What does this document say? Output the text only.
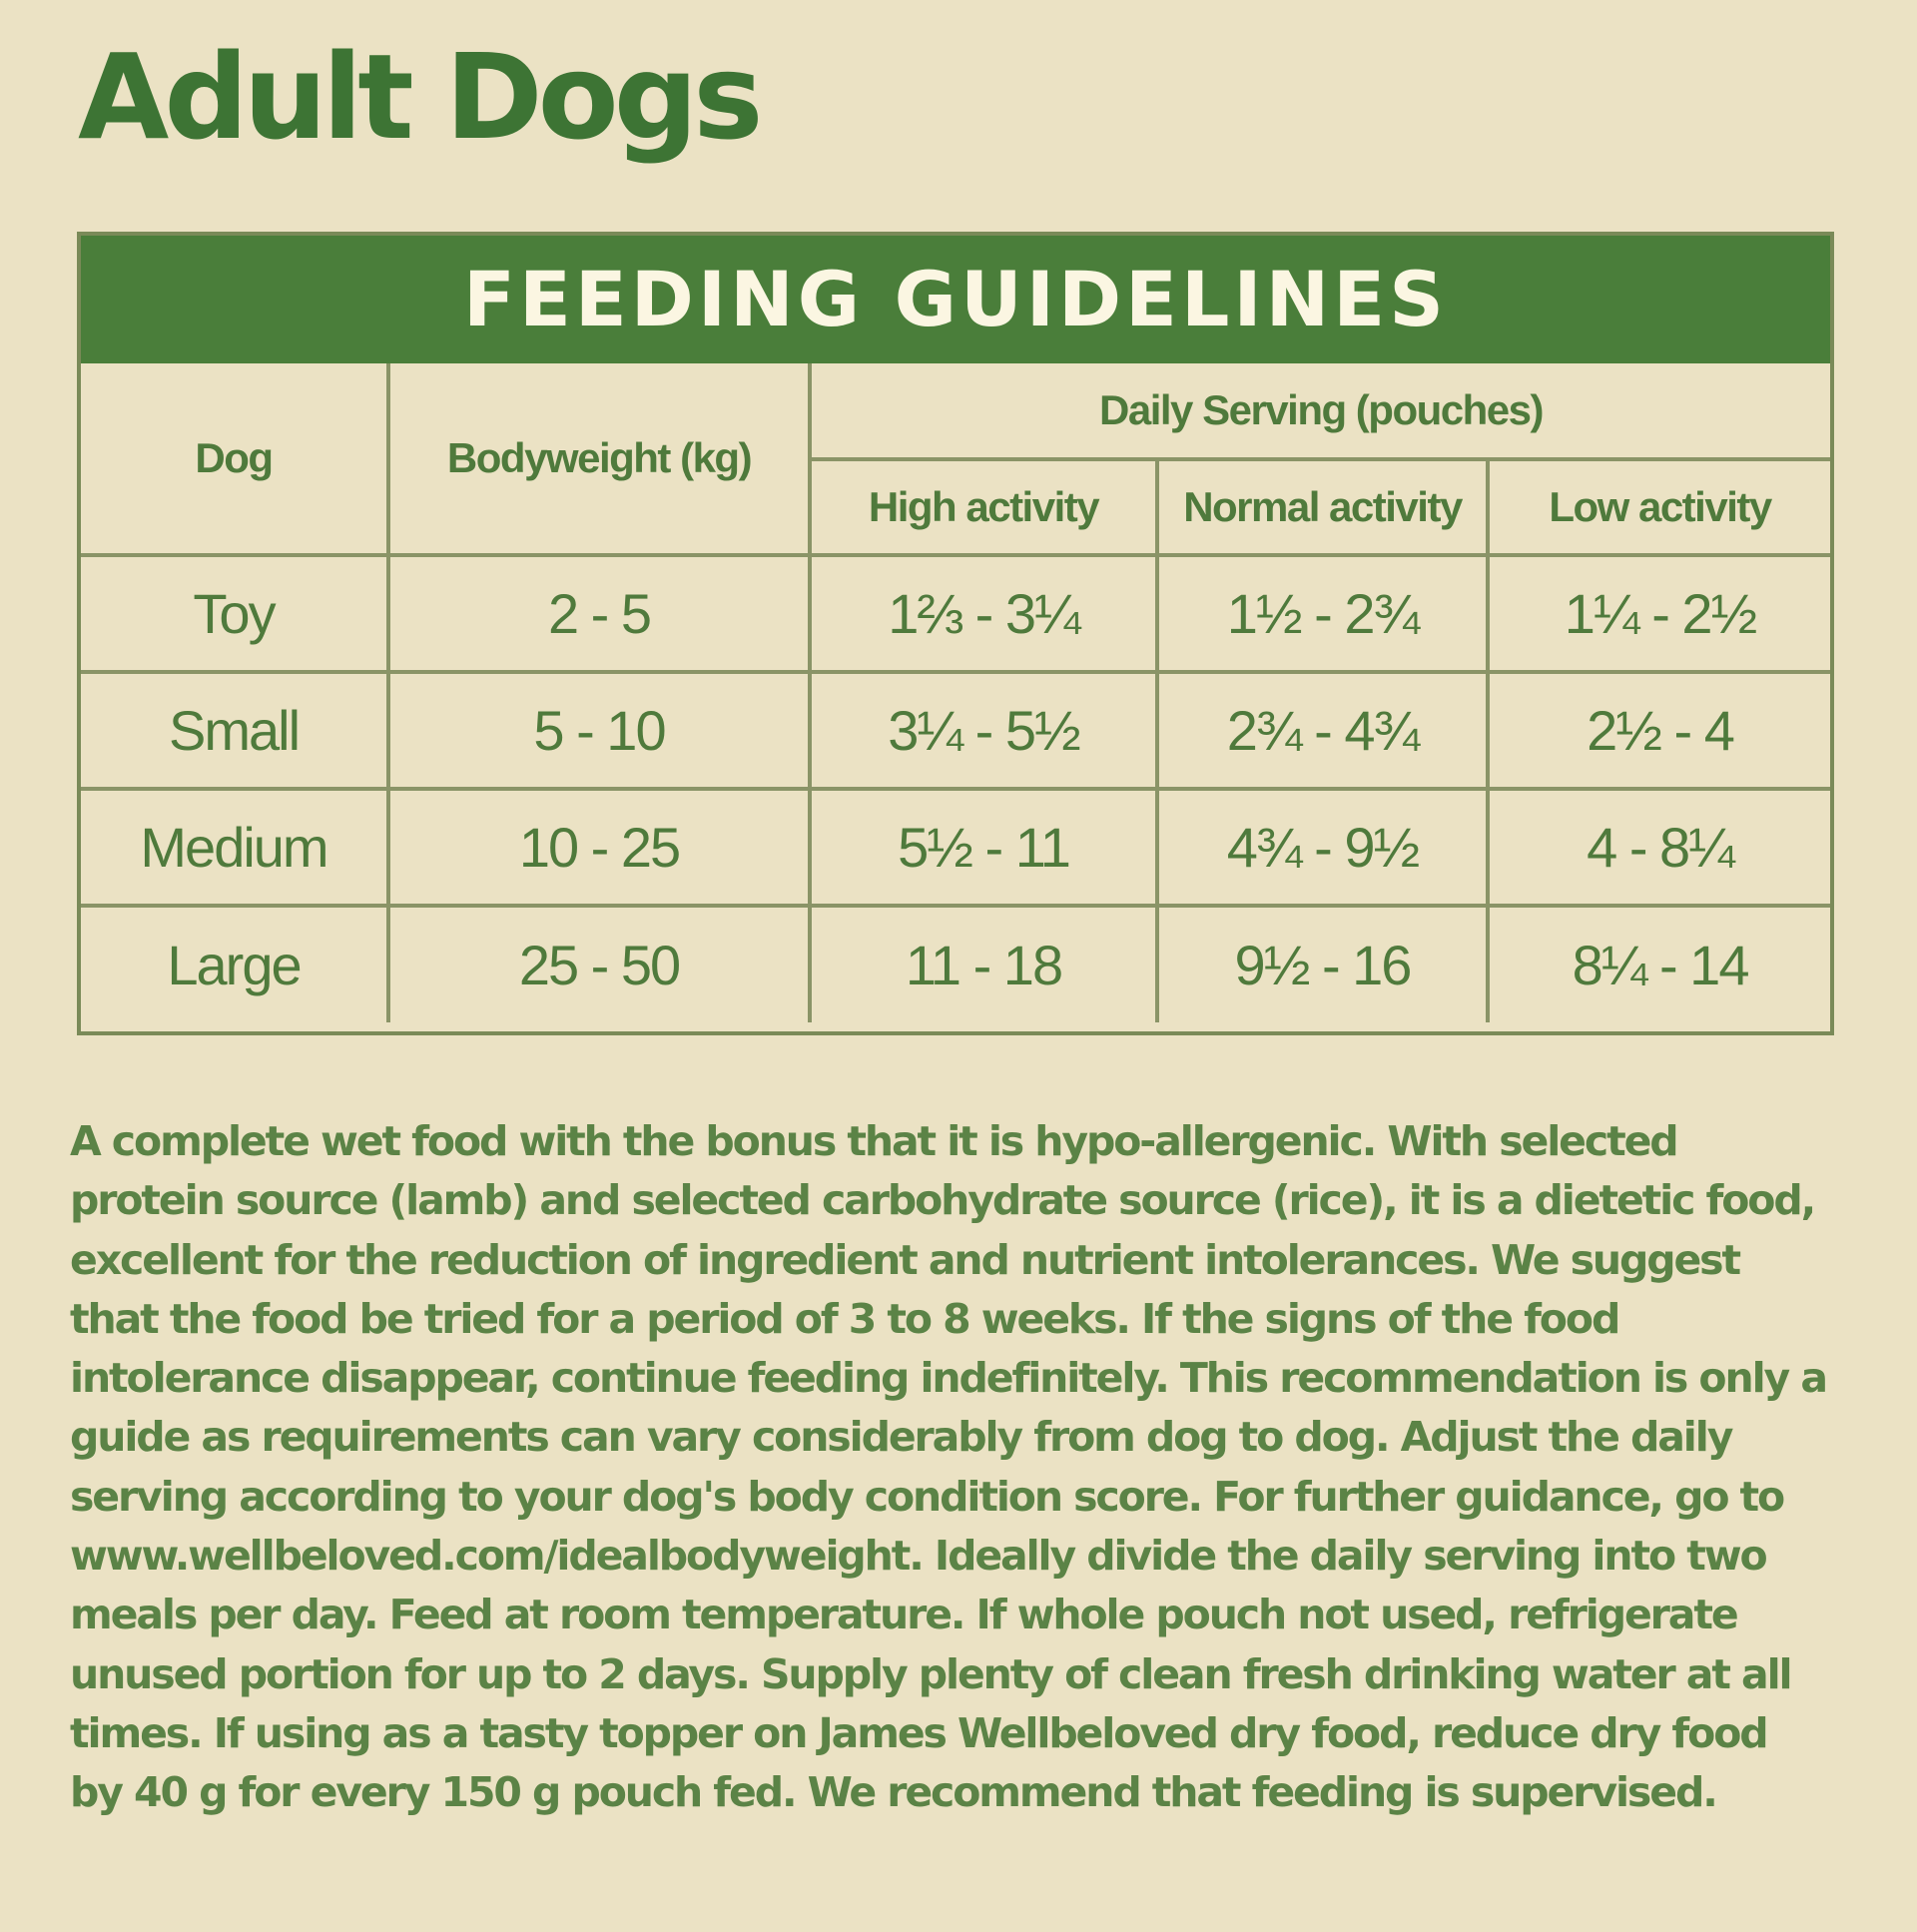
Adult Dogs
FEEDING GUIDELINES
Dog	Bodyweight (kg)	Daily Serving (pouches)		
		High activity	Normal activity	Low activity
Toy	2 - 5	1⅔ - 3¼	1½ - 2¾	1¼ - 2½
Small	5 - 10	3¼ - 5½	2¾ - 4¾	2½ - 4
Medium	10 - 25	5½ - 11	4¾ - 9½	4 - 8¼
Large	25 - 50	11 - 18	9½ - 16	8¼ - 14

A complete wet food with the bonus that it is hypo-allergenic. With selected protein source (lamb) and selected carbohydrate source (rice), it is a dietetic food, excellent for the reduction of ingredient and nutrient intolerances. We suggest that the food be tried for a period of 3 to 8 weeks. If the signs of the food intolerance disappear, continue feeding indefinitely. This recommendation is only a guide as requirements can vary considerably from dog to dog. Adjust the daily serving according to your dog's body condition score. For further guidance, go to www.wellbeloved.com/idealbodyweight. Ideally divide the daily serving into two meals per day. Feed at room temperature. If whole pouch not used, refrigerate unused portion for up to 2 days. Supply plenty of clean fresh drinking water at all times. If using as a tasty topper on James Wellbeloved dry food, reduce dry food by 40 g for every 150 g pouch fed. We recommend that feeding is supervised.
